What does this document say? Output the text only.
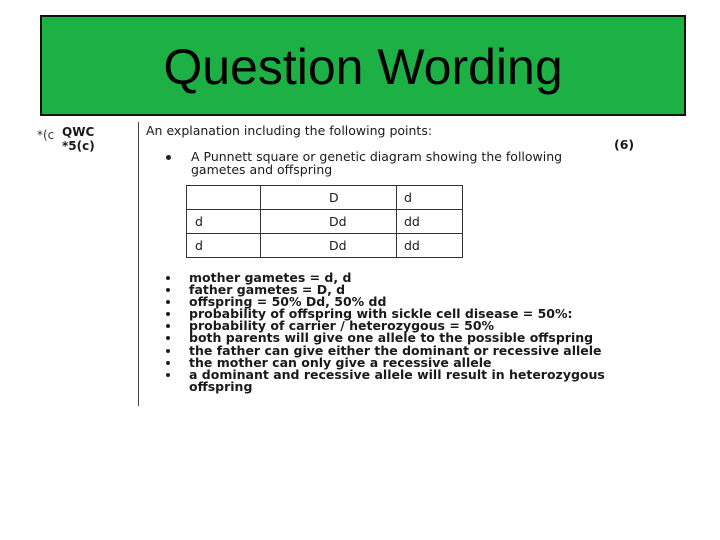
Question Wording
*(c QWC
*5(c)
An explanation including the following points:
(6)
A Punnett square or genetic diagram showing the following gametes and offspring
	D	d
d	Dd	dd
d	Dd	dd
mother gametes = d, d
father gametes = D, d
offspring = 50% Dd, 50% dd
probability of offspring with sickle cell disease = 50%:
probability of carrier / heterozygous = 50%
both parents will give one allele to the possible offspring
the father can give either the dominant or recessive allele
the mother can only give a recessive allele
a dominant and recessive allele will result in heterozygous offspring
